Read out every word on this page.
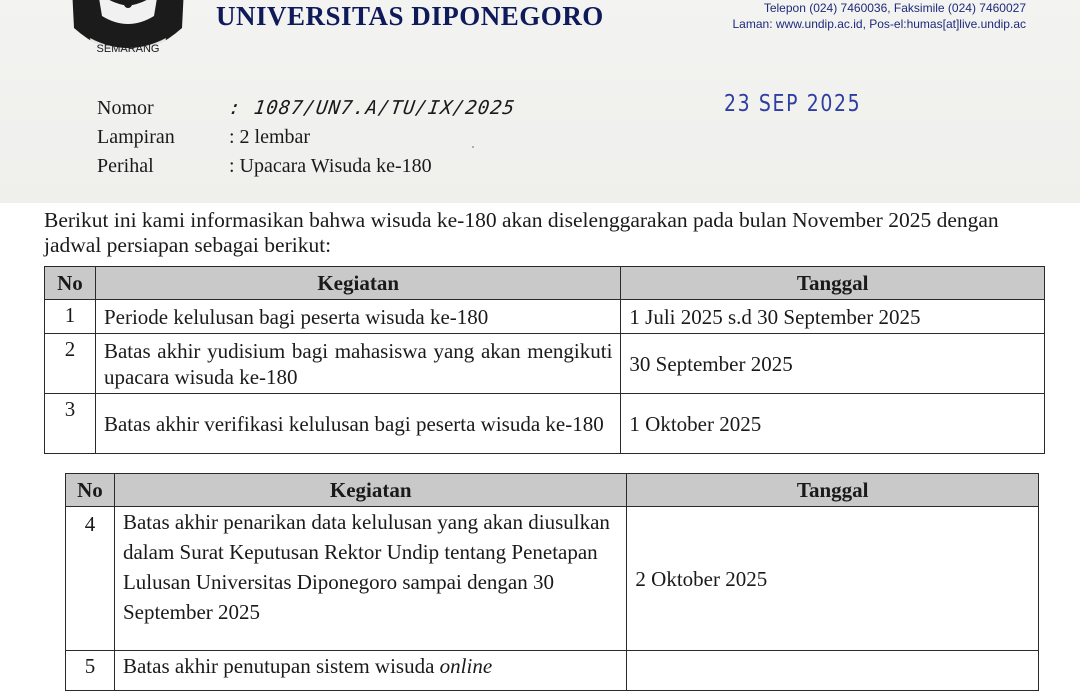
SEMARANG
UNIVERSITAS DIPONEGORO	Telepon (024) 7460036, Faksimile (024) 7460027
Laman: www.undip.ac.id, Pos-el:humas[at]live.undip.ac
Nomor	: 1087/UN7.A/TU/IX/2025
Lampiran	: 2 lembar
Perihal	: Upacara Wisuda ke-180
23 SEP 2025
Berikut ini kami informasikan bahwa wisuda ke-180 akan diselenggarakan pada bulan November 2025 dengan jadwal persiapan sebagai berikut:
No	Kegiatan	Tanggal
1	Periode kelulusan bagi peserta wisuda ke-180	1 Juli 2025 s.d 30 September 2025
2	Batas akhir yudisium bagi mahasiswa yang akan mengikuti upacara wisuda ke-180	30 September 2025
3	Batas akhir verifikasi kelulusan bagi peserta wisuda ke-180	1 Oktober 2025
No	Kegiatan	Tanggal
4	Batas akhir penarikan data kelulusan yang akan diusulkan dalam Surat Keputusan Rektor Undip tentang Penetapan Lulusan Universitas Diponegoro sampai dengan 30 September 2025	2 Oktober 2025
5	Batas akhir penutupan sistem wisuda online	
